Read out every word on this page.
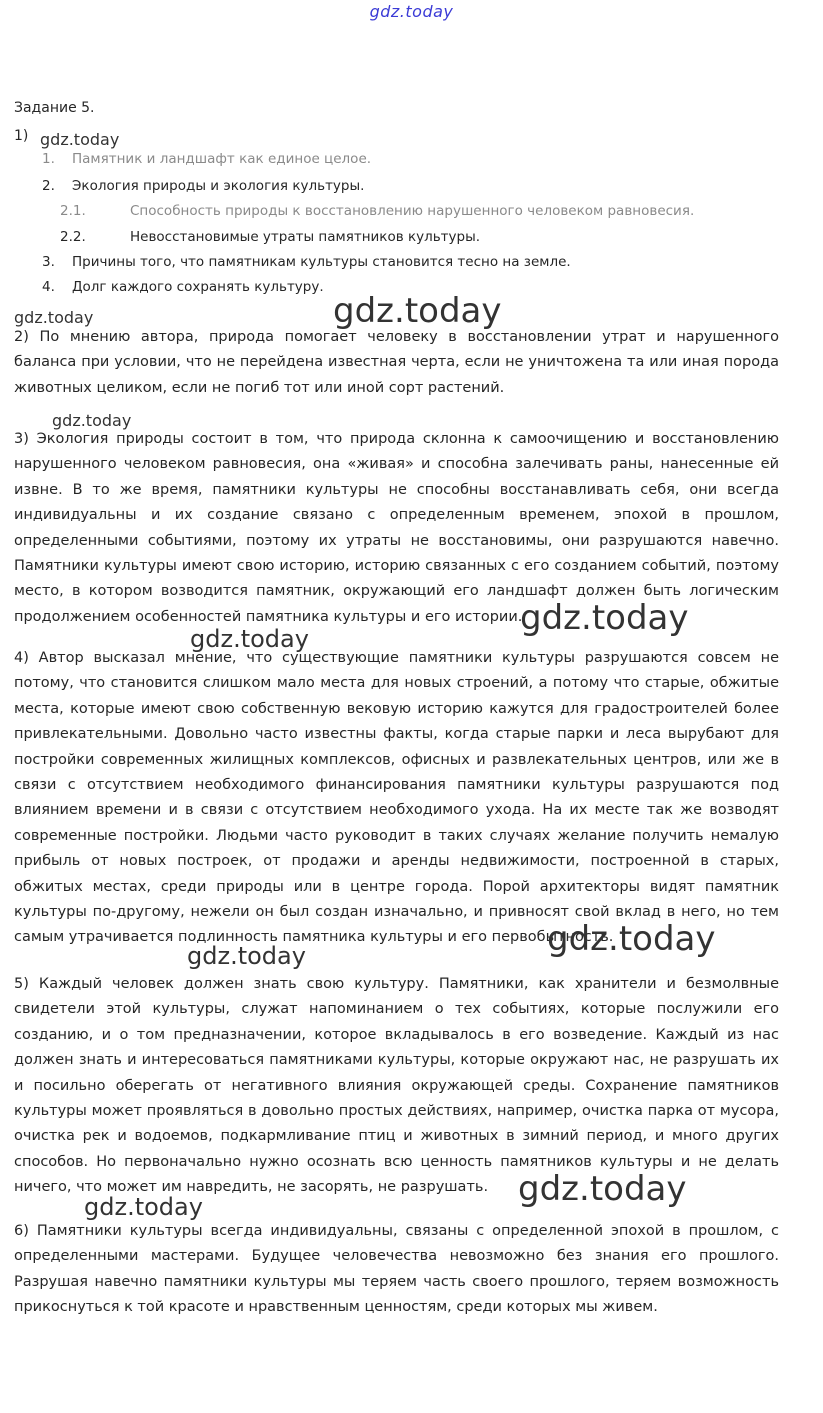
gdz.today
Задание 5.
1)
1. Памятник и ландшафт как единое целое.
2. Экология природы и экология культуры.
2.1.	Способность природы к восстановлению нарушенного человеком равновесия.
2.2.	Невосстановимые утраты памятников культуры.
3. Причины того, что памятникам культуры становится тесно на земле.
4. Долг каждого сохранять культуру.

2) По мнению автора, природа помогает человеку в восстановлении утрат и нарушенного баланса при условии, что не перейдена известная черта, если не уничтожена та или иная порода животных целиком, если не погиб тот или иной сорт растений.

3) Экология природы состоит в том, что природа склонна к самоочищению и восстановлению нарушенного человеком равновесия, она «живая» и способна залечивать раны, нанесенные ей извне. В то же время, памятники культуры не способны восстанавливать себя, они всегда индивидуальны и их создание связано с определенным временем, эпохой в прошлом, определенными событиями, поэтому их утраты не восстановимы, они разрушаются навечно. Памятники культуры имеют свою историю, историю связанных с его созданием событий, поэтому место, в котором возводится памятник, окружающий его ландшафт должен быть логическим продолжением особенностей памятника культуры и его истории.

4) Автор высказал мнение, что существующие памятники культуры разрушаются совсем не потому, что становится слишком мало места для новых строений, а потому что старые, обжитые места, которые имеют свою собственную вековую историю кажутся для градостроителей более привлекательными. Довольно часто известны факты, когда старые парки и леса вырубают для постройки современных жилищных комплексов, офисных и развлекательных центров, или же в связи с отсутствием необходимого финансирования памятники культуры разрушаются под влиянием времени и в связи с отсутствием необходимого ухода. На их месте так же возводят современные постройки. Людьми часто руководит в таких случаях желание получить немалую прибыль от новых построек, от продажи и аренды недвижимости, построенной в старых, обжитых местах, среди природы или в центре города. Порой архитекторы видят памятник культуры по-другому, нежели он был создан изначально, и привносят свой вклад в него, но тем самым утрачивается подлинность памятника культуры и его первобытность.

5) Каждый человек должен знать свою культуру. Памятники, как хранители и безмолвные свидетели этой культуры, служат напоминанием о тех событиях, которые послужили его созданию, и о том предназначении, которое вкладывалось в его возведение. Каждый из нас должен знать и интересоваться памятниками культуры, которые окружают нас, не разрушать их и посильно оберегать от негативного влияния окружающей среды. Сохранение памятников культуры может проявляться в довольно простых действиях, например, очистка парка от мусора, очистка рек и водоемов, подкармливание птиц и животных в зимний период, и много других способов. Но первоначально нужно осознать всю ценность памятников культуры и не делать ничего, что может им навредить, не засорять, не разрушать.

6) Памятники культуры всегда индивидуальны, связаны с определенной эпохой в прошлом, с определенными мастерами. Будущее человечества невозможно без знания его прошлого. Разрушая навечно памятники культуры мы теряем часть своего прошлого, теряем возможность прикоснуться к той красоте и нравственным ценностям, среди которых мы живем.

gdz.today
gdz.today
gdz.today
gdz.today
gdz.today
gdz.today
gdz.today
gdz.today
gdz.today
gdz.today
